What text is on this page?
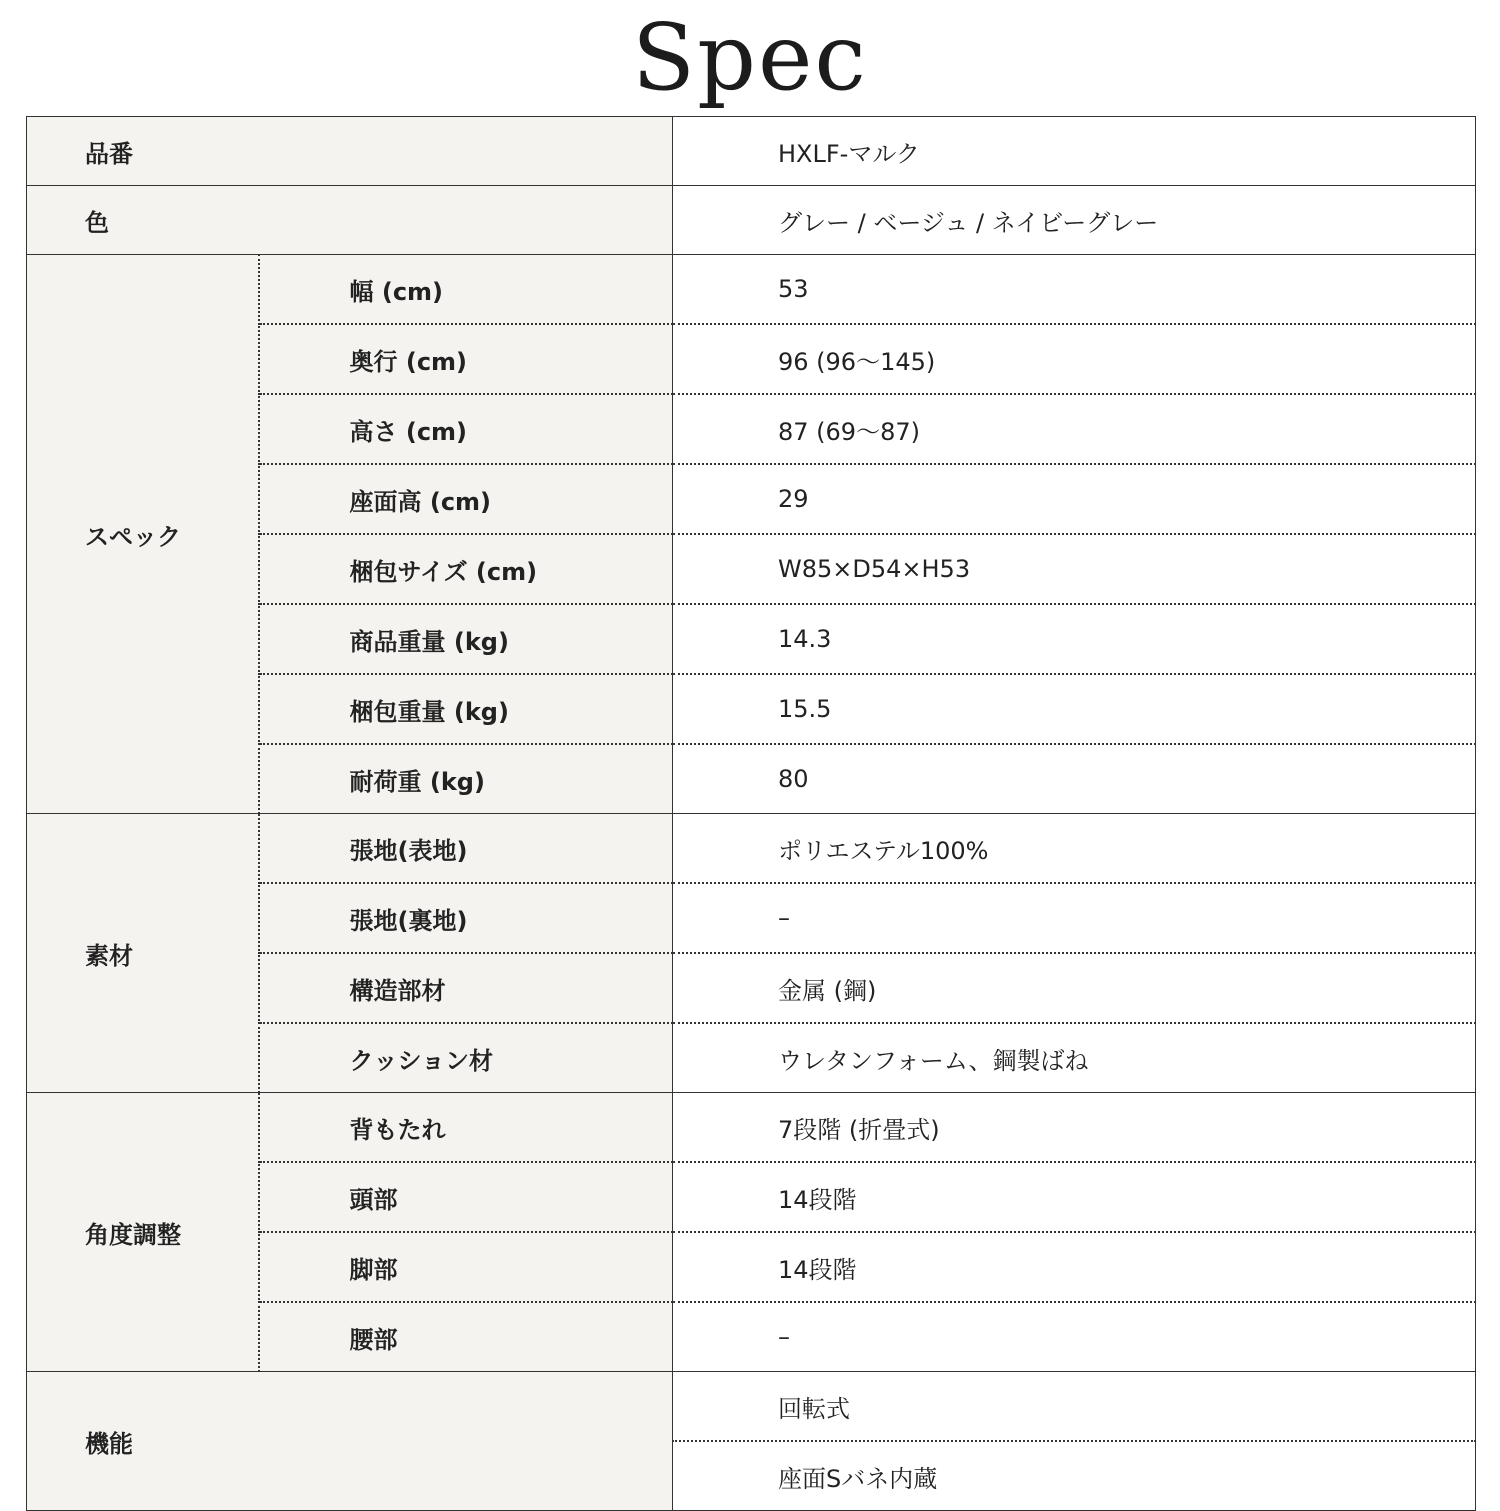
Spec
品番		HXLF-マルク
色		グレー / ベージュ / ネイビーグレー
スペック	幅 (cm)	53
	奥行 (cm)	96 (96〜145)
	高さ (cm)	87 (69〜87)
	座面高 (cm)	29
	梱包サイズ (cm)	W85×D54×H53
	商品重量 (kg)	14.3
	梱包重量 (kg)	15.5
	耐荷重 (kg)	80
素材	張地(表地)	ポリエステル100%
	張地(裏地)	–
	構造部材	金属 (鋼)
	クッション材	ウレタンフォーム、鋼製ばね
角度調整	背もたれ	7段階 (折畳式)
	頭部	14段階
	脚部	14段階
	腰部	–
機能		回転式
		座面Sバネ内蔵
